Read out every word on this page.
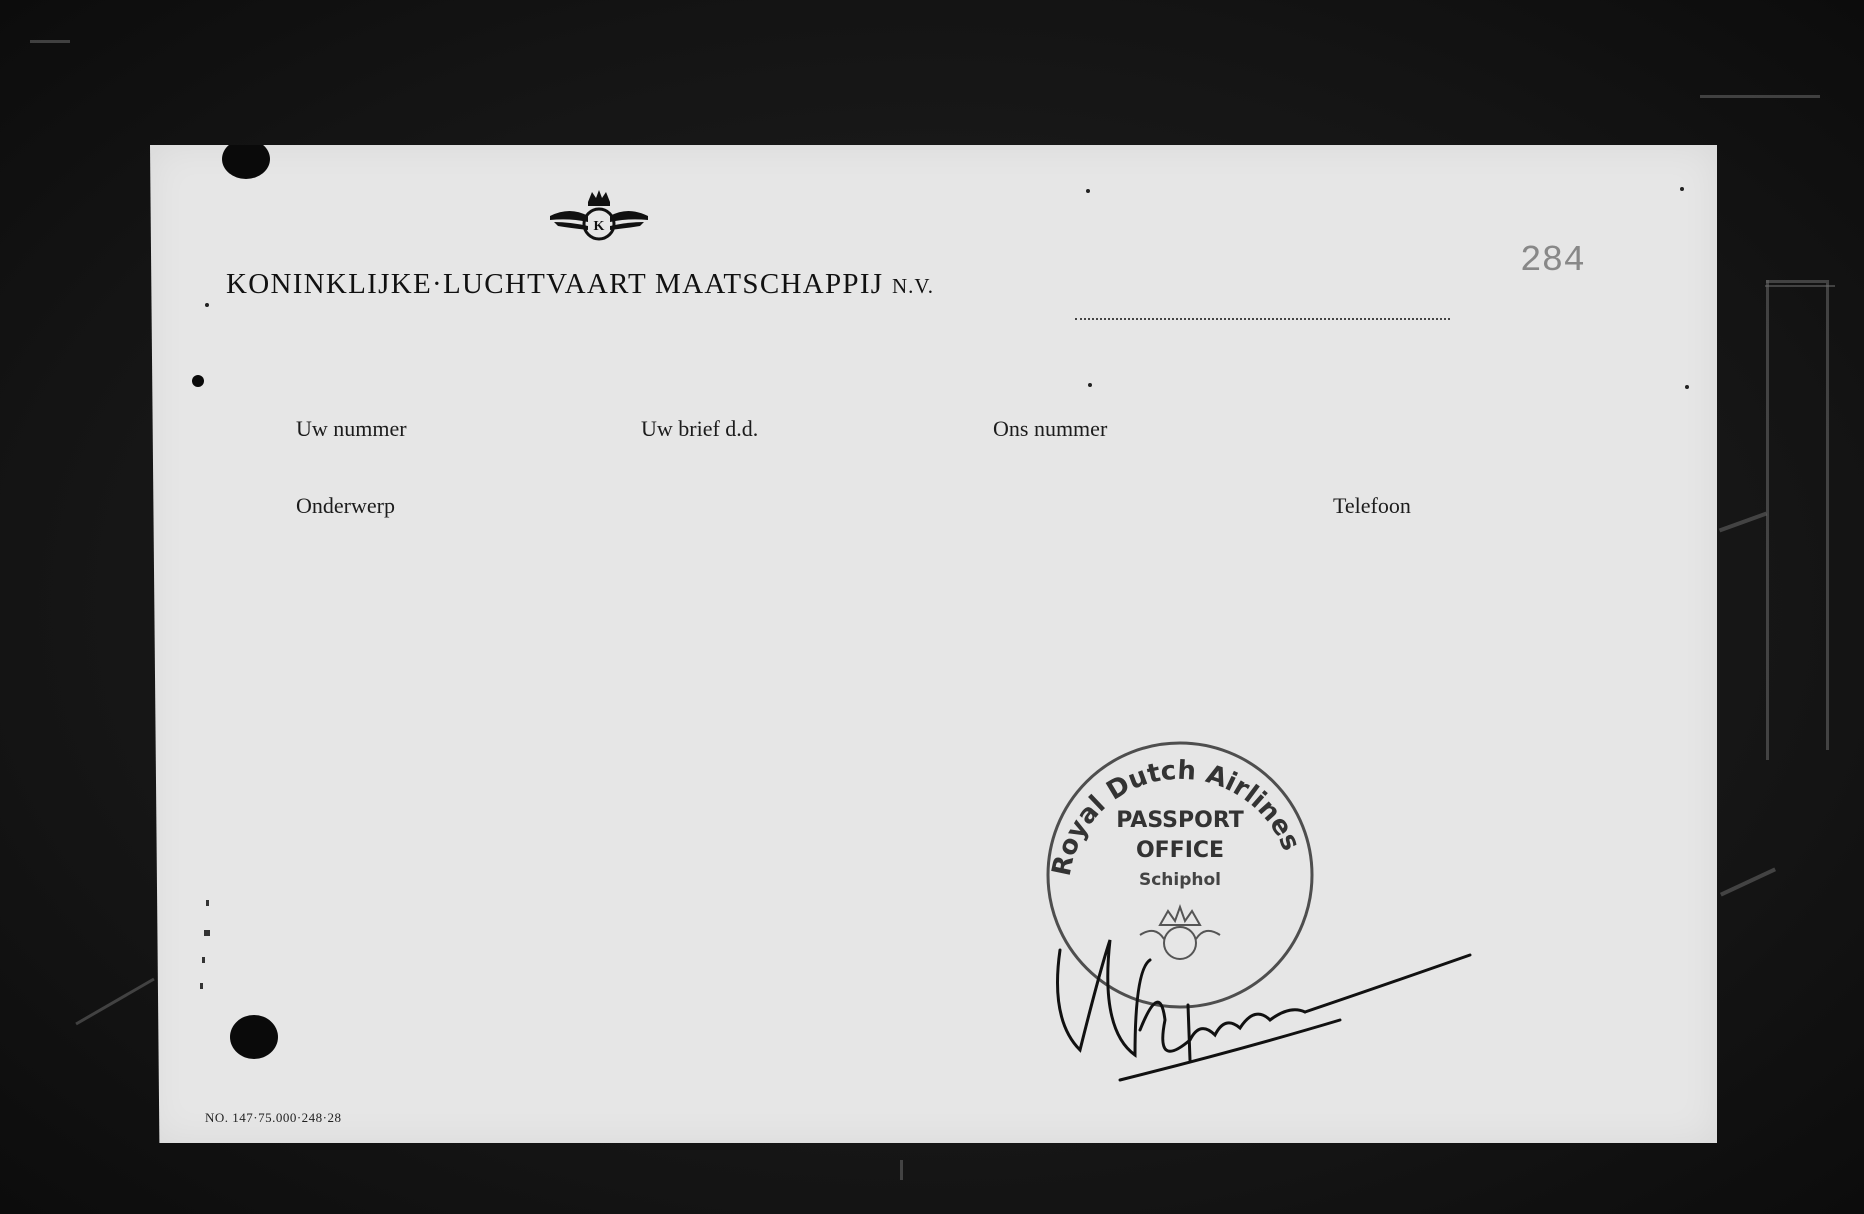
K
KONINKLIJKE·LUCHTVAART MAATSCHAPPIJ N.V.
284
Uw nummer	Uw brief d.d.	Ons nummer
Onderwerp	Telefoon
Royal Dutch Airlines
PASSPORT
OFFICE
Schiphol
NO. 147·75.000·248·28
